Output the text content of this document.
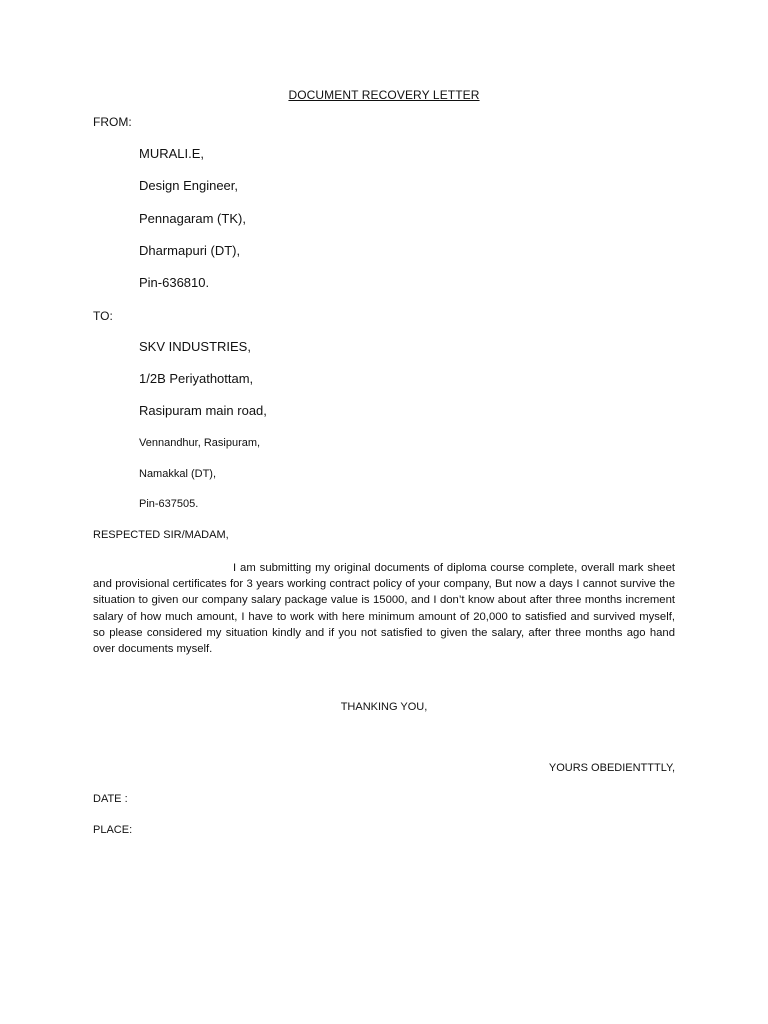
DOCUMENT RECOVERY LETTER
FROM:
MURALI.E,
Design Engineer,
Pennagaram (TK),
Dharmapuri (DT),
Pin-636810.
TO:
SKV INDUSTRIES,
1/2B Periyathottam,
Rasipuram main road,
Vennandhur, Rasipuram,
Namakkal (DT),
Pin-637505.
RESPECTED SIR/MADAM,
I am submitting my original documents of diploma course complete, overall mark sheet and provisional certificates for 3 years working contract policy of your company, But now a days I cannot survive the situation to given our company salary package value is 15000, and I don’t know about after three months increment salary of how much amount, I have to work with here minimum amount of 20,000 to satisfied and survived myself, so please considered my situation kindly and if you not satisfied to given the salary, after three months ago hand over documents myself.
THANKING YOU,
YOURS OBEDIENTTTLY,
DATE :
PLACE:
